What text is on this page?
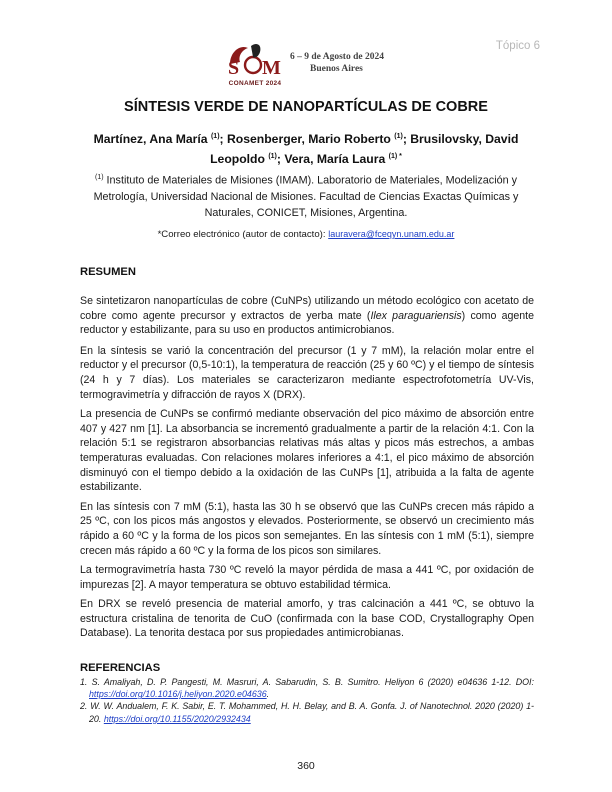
Tópico 6
S M
CONAMET 2024
6 – 9 de Agosto de 2024
Buenos Aires
SÍNTESIS VERDE DE NANOPARTÍCULAS DE COBRE
Martínez, Ana María $^{(1)}$; Rosenberger, Mario Roberto $^{(1)}$; Brusilovsky, David Leopoldo $^{(1)}$; Vera, María Laura $^{(1) *}$
$^{(1)}$ Instituto de Materiales de Misiones (IMAM). Laboratorio de Materiales, Modelización y Metrología, Universidad Nacional de Misiones. Facultad de Ciencias Exactas Químicas y Naturales, CONICET, Misiones, Argentina.
*Correo electrónico (autor de contacto): lauravera@fceqyn.unam.edu.ar
RESUMEN

Se sintetizaron nanopartículas de cobre (CuNPs) utilizando un método ecológico con acetato de cobre como agente precursor y extractos de yerba mate (Ilex paraguariensis) como agente reductor y estabilizante, para su uso en productos antimicrobianos.

En la síntesis se varió la concentración del precursor (1 y 7 mM), la relación molar entre el reductor y el precursor (0,5-10:1), la temperatura de reacción (25 y 60 ºC) y el tiempo de síntesis (24 h y 7 días). Los materiales se caracterizaron mediante espectrofotometría UV-Vis, termogravimetría y difracción de rayos X (DRX).

La presencia de CuNPs se confirmó mediante observación del pico máximo de absorción entre 407 y 427 nm [1]. La absorbancia se incrementó gradualmente a partir de la relación 4:1. Con la relación 5:1 se registraron absorbancias relativas más altas y picos más estrechos, a ambas temperaturas evaluadas. Con relaciones molares inferiores a 4:1, el pico máximo de absorción disminuyó con el tiempo debido a la oxidación de las CuNPs [1], atribuida a la falta de agente estabilizante.

En las síntesis con 7 mM (5:1), hasta las 30 h se observó que las CuNPs crecen más rápido a 25 ºC, con los picos más angostos y elevados. Posteriormente, se observó un crecimiento más rápido a 60 ºC y la forma de los picos son semejantes. En las síntesis con 1 mM (5:1), siempre crecen más rápido a 60 ºC y la forma de los picos son similares.

La termogravimetría hasta 730 ºC reveló la mayor pérdida de masa a 441 ºC, por oxidación de impurezas [2]. A mayor temperatura se obtuvo estabilidad térmica.

En DRX se reveló presencia de material amorfo, y tras calcinación a 441 ºC, se obtuvo la estructura cristalina de tenorita de CuO (confirmada con la base COD, Crystallography Open Database). La tenorita destaca por sus propiedades antimicrobianas.

REFERENCIAS

1. S. Amaliyah, D. P. Pangesti, M. Masruri, A. Sabarudin, S. B. Sumitro. Heliyon 6 (2020) e04636 1-12. DOI: https://doi.org/10.1016/j.heliyon.2020.e04636.

2. W. W. Andualem, F. K. Sabir, E. T. Mohammed, H. H. Belay, and B. A. Gonfa. J. of Nanotechnol. 2020 (2020) 1-20. https://doi.org/10.1155/2020/2932434

360
